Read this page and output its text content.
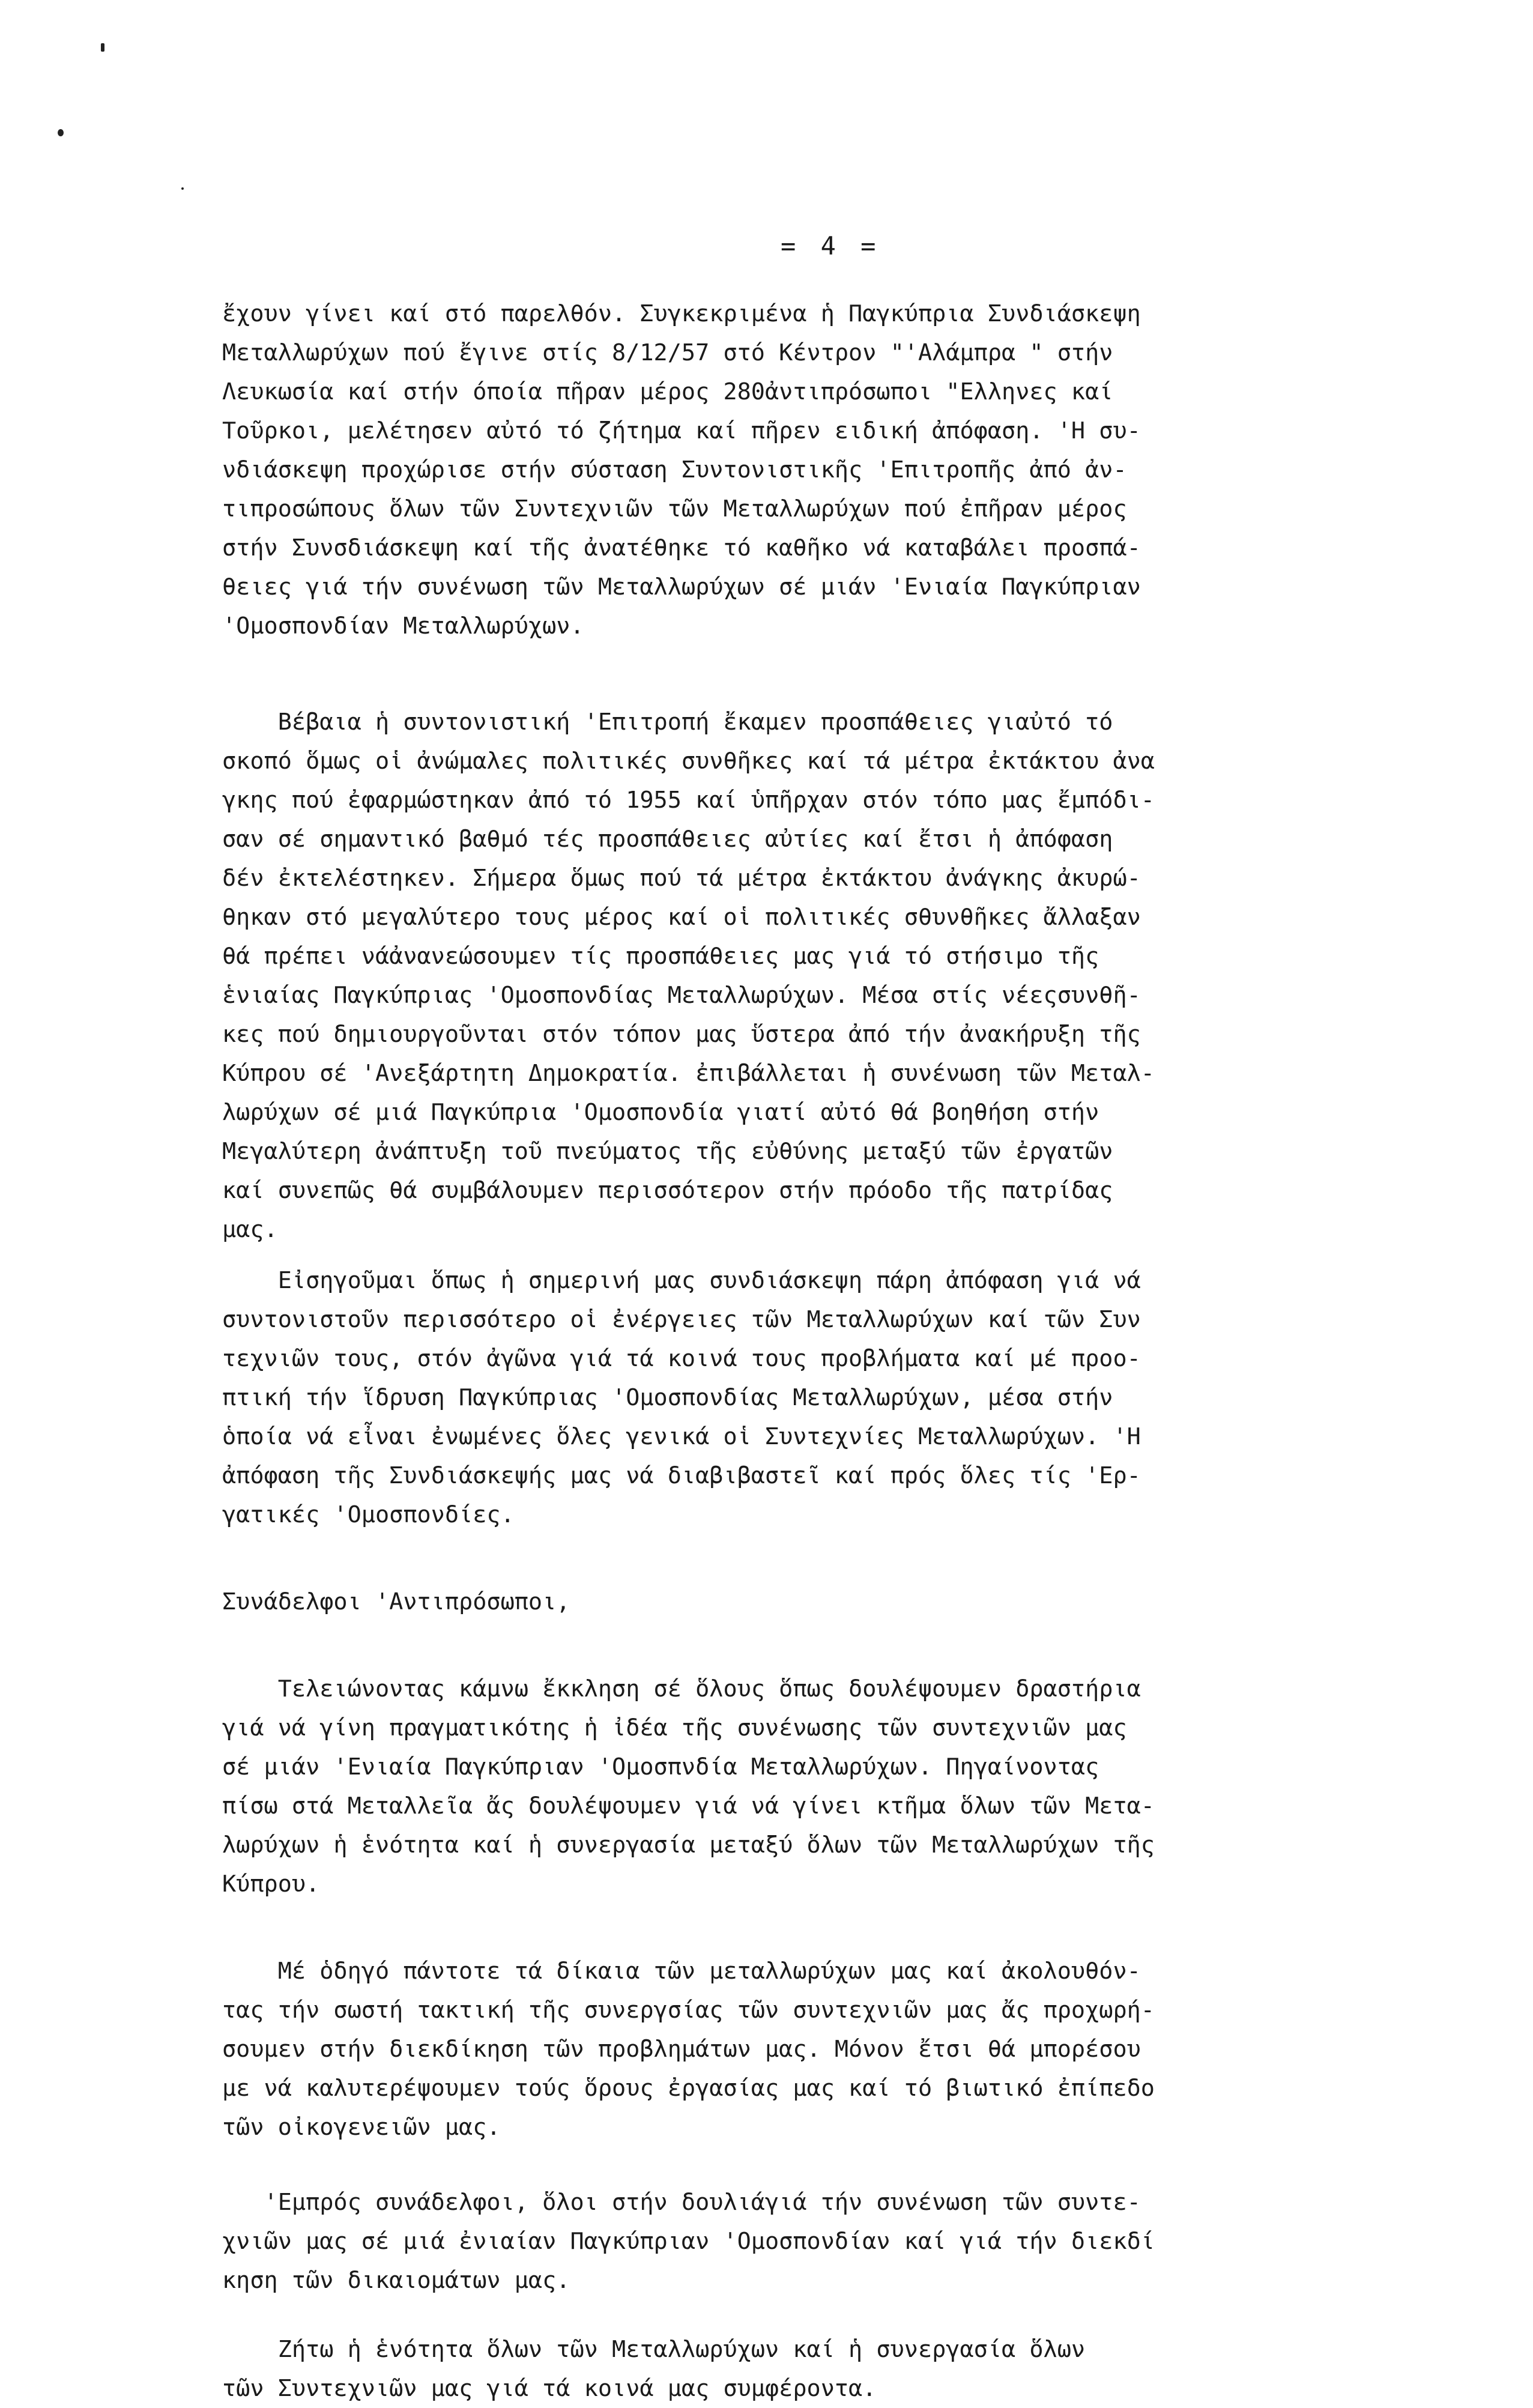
= 4 =
ἔχουν γίνει καί στό παρελθόν. Συγκεκριμένα ἡ Παγκύπρια Συνδιάσκεψη
Μεταλλωρύχων πού ἔγινε στίς 8/12/57 στό Κέντρον "'Αλάμπρα " στήν
Λευκωσία καί στήν όποία πῆραν μέρος 280ἀντιπρόσωποι "Ελληνες καί
Τοῦρκοι, μελέτησεν αὐτό τό ζήτημα καί πῆρεν ειδική ἀπόφαση. 'Η συ-
νδιάσκεψη προχώρισε στήν σύσταση Συντονιστικῆς 'Επιτροπῆς ἀπό ἀν-
τιπροσώπους ὅλων τῶν Συντεχνιῶν τῶν Μεταλλωρύχων πού ἐπῆραν μέρος
στήν Συνσδιάσκεψη καί τῆς ἀνατέθηκε τό καθῆκο νά καταβάλει προσπά-
θειες γιά τήν συνένωση τῶν Μεταλλωρύχων σέ μιάν 'Ενιαία Παγκύπριαν
'Ομοσπονδίαν Μεταλλωρύχων.
Βέβαια ἡ συντονιστική 'Επιτροπή ἔκαμεν προσπάθειες γιαὐτό τό
σκοπό ὅμως οἱ ἀνώμαλες πολιτικές συνθῆκες καί τά μέτρα ἐκτάκτου ἀνα
γκης πού ἐφαρμώστηκαν ἀπό τό 1955 καί ὑπῆρχαν στόν τόπο μας ἔμπόδι-
σαν σέ σημαντικό βαθμό τές προσπάθειες αὐτίες καί ἔτσι ἡ ἀπόφαση
δέν ἐκτελέστηκεν. Σήμερα ὅμως πού τά μέτρα ἐκτάκτου ἀνάγκης ἀκυρώ-
θηκαν στό μεγαλύτερο τους μέρος καί οἱ πολιτικές σθυνθῆκες ἄλλαξαν
θά πρέπει νάἀνανεώσουμεν τίς προσπάθειες μας γιά τό στήσιμο τῆς
ἑνιαίας Παγκύπριας 'Ομοσπονδίας Μεταλλωρύχων. Μέσα στίς νέεςσυνθῆ-
κες πού δημιουργοῦνται στόν τόπον μας ὕστερα ἀπό τήν ἀνακήρυξη τῆς
Κύπρου σέ 'Ανεξάρτητη Δημοκρατία. ἐπιβάλλεται ἡ συνένωση τῶν Μεταλ-
λωρύχων σέ μιά Παγκύπρια 'Ομοσπονδία γιατί αὐτό θά βοηθήση στήν
Μεγαλύτερη ἀνάπτυξη τοῦ πνεύματος τῆς εὐθύνης μεταξύ τῶν ἐργατῶν
καί συνεπῶς θά συμβάλουμεν περισσότερον στήν πρόοδο τῆς πατρίδας
μας.
Εἰσηγοῦμαι ὅπως ἡ σημερινή μας συνδιάσκεψη πάρη ἀπόφαση γιά νά
συντονιστοῦν περισσότερο οἱ ἐνέργειες τῶν Μεταλλωρύχων καί τῶν Συν
τεχνιῶν τους, στόν ἀγῶνα γιά τά κοινά τους προβλήματα καί μέ προο-
πτική τήν ἵδρυση Παγκύπριας 'Ομοσπονδίας Μεταλλωρύχων, μέσα στήν
ὁποία νά εἶναι ἐνωμένες ὅλες γενικά οἱ Συντεχνίες Μεταλλωρύχων. 'Η
ἀπόφαση τῆς Συνδιάσκεψής μας νά διαβιβαστεῖ καί πρός ὅλες τίς 'Ερ-
γατικές 'Ομοσπονδίες.
Συνάδελφοι 'Αντιπρόσωποι,
Τελειώνοντας κάμνω ἔκκληση σέ ὅλους ὅπως δουλέψουμεν δραστήρια
γιά νά γίνη πραγματικότης ἡ ἰδέα τῆς συνένωσης τῶν συντεχνιῶν μας
σέ μιάν 'Ενιαία Παγκύπριαν 'Ομοσπνδία Μεταλλωρύχων. Πηγαίνοντας
πίσω στά Μεταλλεῖα ἄς δουλέψουμεν γιά νά γίνει κτῆμα ὅλων τῶν Μετα-
λωρύχων ἡ ἑνότητα καί ἡ συνεργασία μεταξύ ὅλων τῶν Μεταλλωρύχων τῆς
Κύπρου.
Μέ ὁδηγό πάντοτε τά δίκαια τῶν μεταλλωρύχων μας καί ἀκολουθόν-
τας τήν σωστή τακτική τῆς συνεργσίας τῶν συντεχνιῶν μας ἄς προχωρή-
σουμεν στήν διεκδίκηση τῶν προβλημάτων μας. Μόνον ἔτσι θά μπορέσου
με νά καλυτερέψουμεν τούς ὅρους ἐργασίας μας καί τό βιωτικό ἐπίπεδο
τῶν οἰκογενειῶν μας.
'Εμπρός συνάδελφοι, ὅλοι στήν δουλιάγιά τήν συνένωση τῶν συντε-
χνιῶν μας σέ μιά ἐνιαίαν Παγκύπριαν 'Ομοσπονδίαν καί γιά τήν διεκδί
κηση τῶν δικαιομάτων μας.
Ζήτω ἡ ἑνότητα ὅλων τῶν Μεταλλωρύχων καί ἡ συνεργασία ὅλων
τῶν Συντεχνιῶν μας γιά τά κοινά μας συμφέροντα.
